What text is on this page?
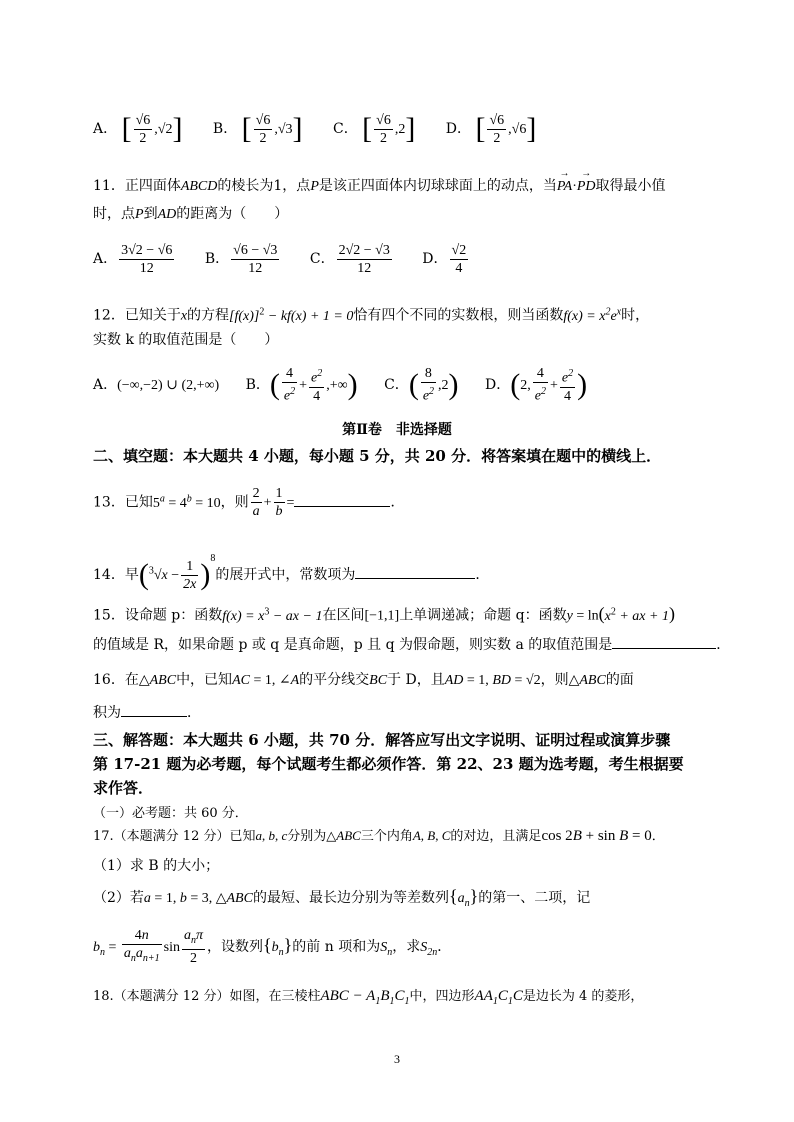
A． [ $\frac{√6}{2} ,√2$] B． [ $\frac{√6}{2} ,√3$] C． [ $\frac{√6}{2} ,2$] D． [ $\frac{√6}{2} ,√6$]
11．正四面体ABCD的棱长为1，点P是该正四面体内切球球面上的动点，当→ PA·→ PD取得最小值
时，点P到AD的距离为（　　）
A． $\frac{3√2 - √6}{12}$ B． $\frac{√6 - √3}{12}$ C． $\frac{2√2 - √3}{12}$ D． $\frac{√2}{4}$
12．已知关于x的方程$[f(x)]^2 - kf(x) + 1 = 0$恰有四个不同的实数根，则当函数$f(x) = x^2e^x$时，
实数 k 的取值范围是（　　）
A．(−∞,−2) ∪ (2,+∞) B．( $\frac{4}{e^2} + \frac{e^2}{4}$ ,+∞) C．( $\frac{8}{e^2} ,2$) D．(2, $\frac{4}{e^2} + \frac{e^2}{4}$ )
第Ⅱ卷　非选择题
二、填空题：本大题共 4 小题，每小题 5 分，共 20 分．将答案填在题中的横线上．
13．已知$5^a = 4^b = 10$，则 $\frac{2}{a} + \frac{1}{b}$ =	．
14．早$(^3√x - \frac{1}{2x} )^8$的展开式中，常数项为	．
15．设命题 p：函数$f(x) = x^3$ − ax − 1在区间[−1,1]上单调递减；命题 q：函数$y = \ln(x^2$ + ax + 1)
的值域是 R，如果命题 p 或 q 是真命题，p 且 q 为假命题，则实数 a 的取值范围是	．
16．在△ABC中，已知AC = 1, ∠A的平分线交BC于 D，且AD = 1, BD = √2，则△ABC的面
积为	．
三、解答题：本大题共 6 小题，共 70 分．解答应写出文字说明、证明过程或演算步骤
第 17-21 题为必考题，每个试题考生都必须作答．第 22、23 题为选考题，考生根据要
求作答．
（一）必考题：共 60 分．
17.（本题满分 12 分）已知a, b, c分别为△ABC三个内角A, B, C的对边，且满足cos 2B + sin B = 0．
（1）求 B 的大小；
（2）若a = 1, b = 3, △ABC的最短、最长边分别为等差数列$\{a_n\}$的第一、二项，记
$b_n = \frac{4n}{a_na_{n+1}}$ $\sin \frac{a_n\pi}{2}$ ，设数列$\{b_n\}$的前 n 项和为$S_n$，求$S_{2n}$．
18.（本题满分 12 分）如图，在三棱柱ABC − $A_1B_1C_1$中，四边形$AA_1C_1C$是边长为 4 的菱形，
3
